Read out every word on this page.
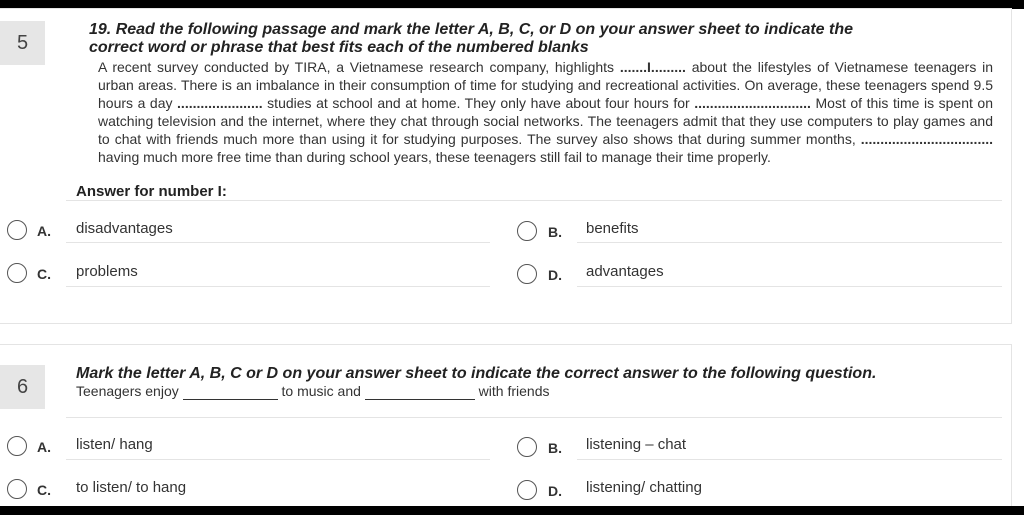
5
19. Read the following passage and mark the letter A, B, C, or D on your answer sheet to indicate the
correct word or phrase that best fits each of the numbered blanks
A recent survey conducted by TIRA, a Vietnamese research company, highlights .......I......... about the lifestyles of Vietnamese teenagers in urban areas. There is an imbalance in their consumption of time for studying and recreational activities. On average, these teenagers spend 9.5 hours a day ...................... studies at school and at home. They only have about four hours for .............................. Most of this time is spent on watching television and the internet, where they chat through social networks. The teenagers admit that they use computers to play games and to chat with friends much more than using it for studying purposes. The survey also shows that during summer months, .................................. having much more free time than during school years, these teenagers still fail to manage their time properly.
Answer for number I:
A. disadvantages	B. benefits
C. problems	D. advantages
6
Mark the letter A, B, C or D on your answer sheet to indicate the correct answer to the following question.
Teenagers enjoy	to music and	with friends
A. listen/ hang	B. listening – chat
C. to listen/ to hang	D. listening/ chatting
